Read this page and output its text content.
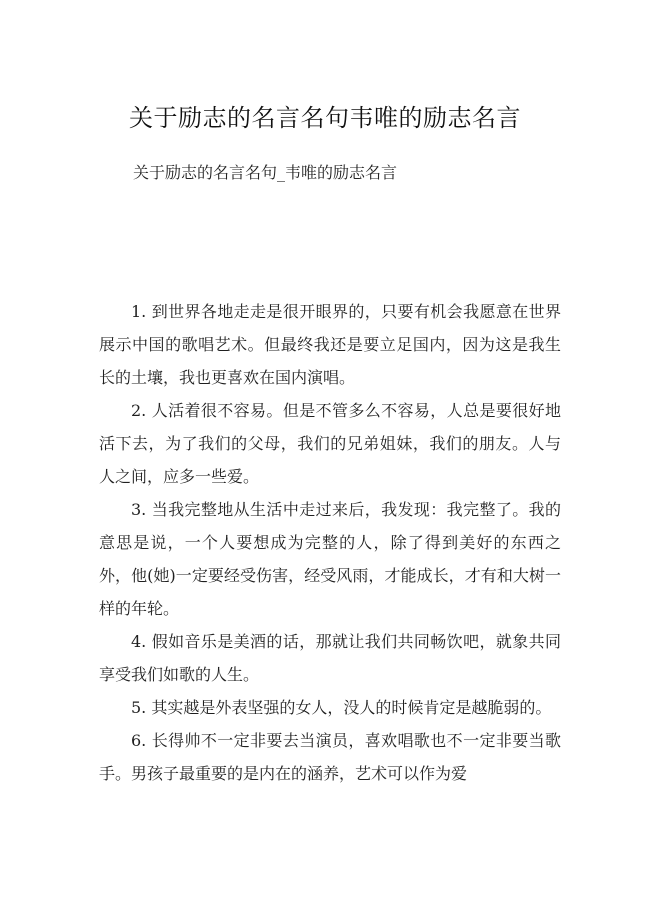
关于励志的名言名句韦唯的励志名言

关于励志的名言名句_韦唯的励志名言

1. 到世界各地走走是很开眼界的，只要有机会我愿意在世界展示中国的歌唱艺术。但最终我还是要立足国内，因为这是我生长的土壤，我也更喜欢在国内演唱。

2. 人活着很不容易。但是不管多么不容易，人总是要很好地活下去，为了我们的父母，我们的兄弟姐妹，我们的朋友。人与人之间，应多一些爱。

3. 当我完整地从生活中走过来后，我发现：我完整了。我的意思是说，一个人要想成为完整的人，除了得到美好的东西之外，他(她)一定要经受伤害，经受风雨，才能成长，才有和大树一样的年轮。

4. 假如音乐是美酒的话，那就让我们共同畅饮吧，就象共同享受我们如歌的人生。

5. 其实越是外表坚强的女人，没人的时候肯定是越脆弱的。

6. 长得帅不一定非要去当演员，喜欢唱歌也不一定非要当歌手。男孩子最重要的是内在的涵养，艺术可以作为爱
